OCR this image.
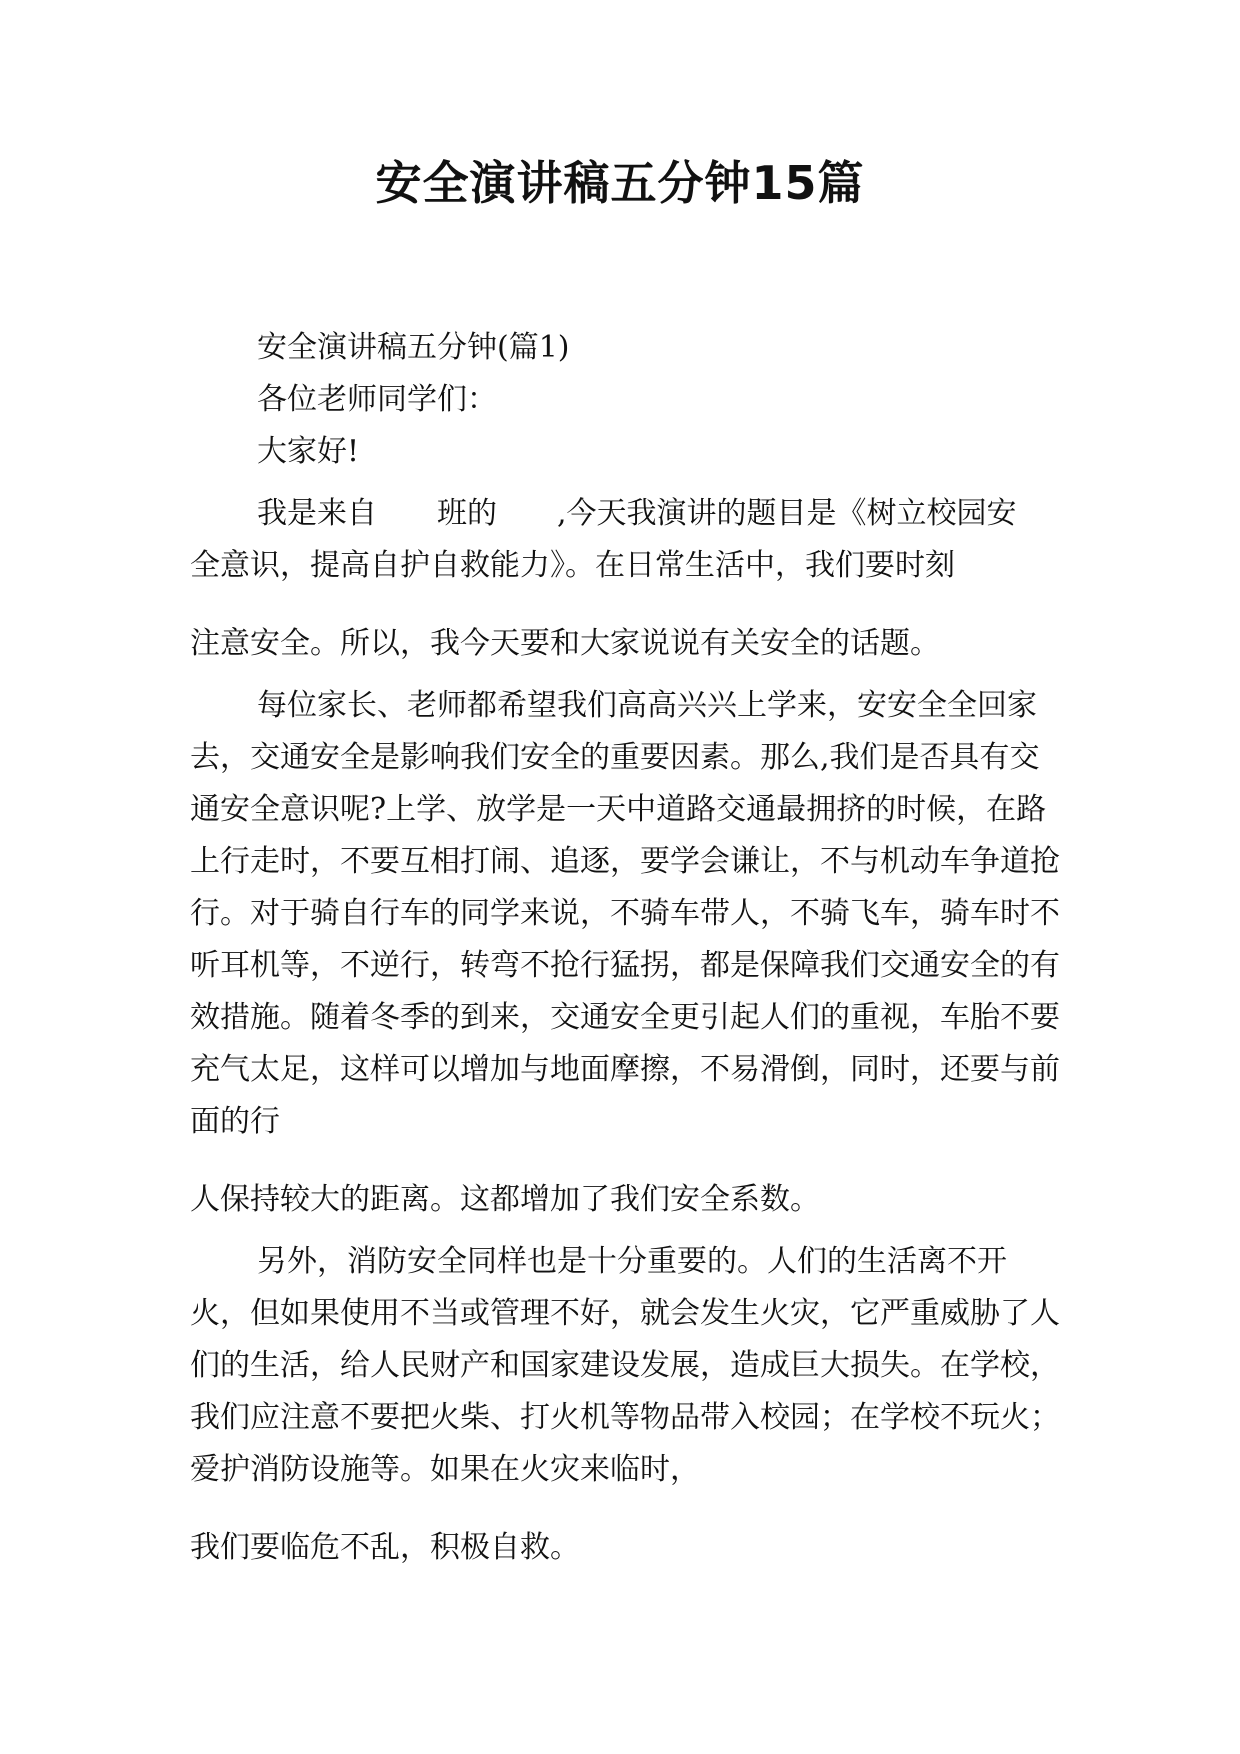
安全演讲稿五分钟15篇

安全演讲稿五分钟(篇1)

各位老师同学们：

大家好!

我是来自　　班的　　,今天我演讲的题目是《树立校园安　全意识，提高自护自救能力》。在日常生活中，我们要时刻

注意安全。所以，我今天要和大家说说有关安全的话题。

每位家长、老师都希望我们高高兴兴上学来，安安全全回家去，交通安全是影响我们安全的重要因素。那么,我们是否具有交通安全意识呢?上学、放学是一天中道路交通最拥挤的时候，在路上行走时，不要互相打闹、追逐，要学会谦让，不与机动车争道抢行。对于骑自行车的同学来说，不骑车带人，不骑飞车，骑车时不听耳机等，不逆行，转弯不抢行猛拐，都是保障我们交通安全的有效措施。随着冬季的到来，交通安全更引起人们的重视，车胎不要充气太足，这样可以增加与地面摩擦，不易滑倒，同时，还要与前面的行

人保持较大的距离。这都增加了我们安全系数。

另外，消防安全同样也是十分重要的。人们的生活离不开火，但如果使用不当或管理不好，就会发生火灾，它严重威胁了人们的生活，给人民财产和国家建设发展，造成巨大损失。在学校，我们应注意不要把火柴、打火机等物品带入校园；在学校不玩火；爱护消防设施等。如果在火灾来临时，

我们要临危不乱，积极自救。
